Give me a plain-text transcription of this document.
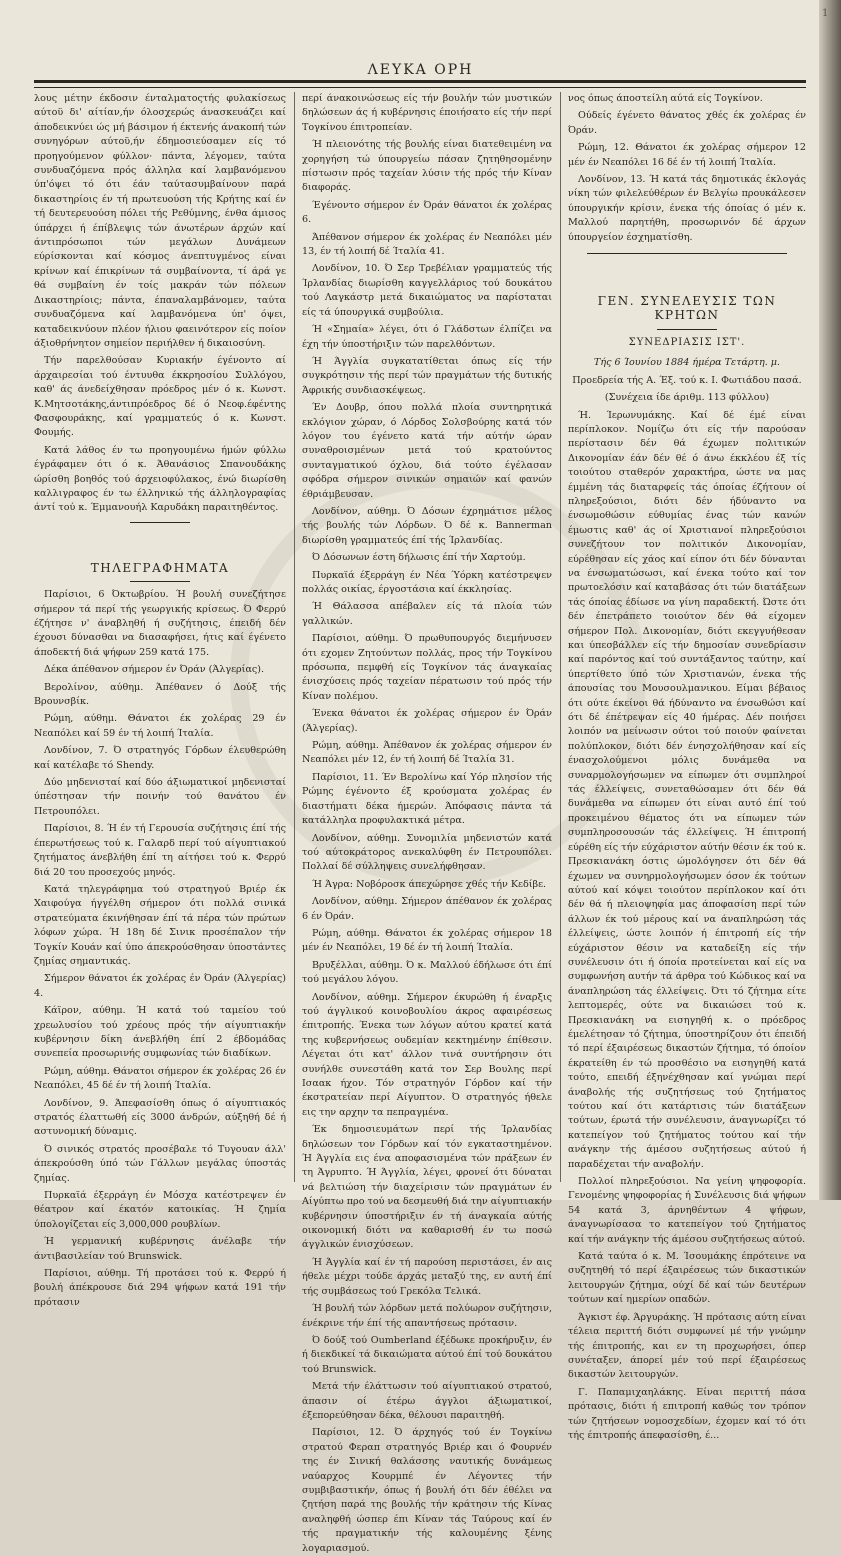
1
ΛΕΥΚΑ ΟΡΗ

λους μέτην έκδοσιν ένταλματοςτής φυλακίσεως αύτοϋ δι' αίτίαν,ήν όλοσχερώς άνασκευάζει καί άποδεικνύει ώς μή βάσιμον ή έκτενής άνακοπή τών συνηγόρων αύτοϋ,ήν έδημοσιεύσαμεν είς τό προηγούμενον φύλλον· πάντα, λέγομεν, ταύτα συνδυαζόμενα πρός άλληλα καί λαμβανόμενου ύπ'όψει τό ότι έάν ταύτασυμβαίνουν παρά δικαστηρίοις έν τή πρωτευούση τής Κρήτης καί έν τή δευτερευούση πόλει τής Ρεθύμνης, ένθα άμισος ύπάρχει ή έπίβλεψις τών άνωτέρων άρχών καί άντιπρόσωποι τών μεγάλων Δυνάμεων εύρίσκονται καί κόσμος άνεπτυγμένος είναι κρίνων καί έπικρίνων τά συμβαίνοντα, τί άρά γε θά συμβαίνη έν τοίς μακράν τών πόλεων Δικαστηρίοις; πάντα, έπαναλαμβάνομεν, ταύτα συνδυαζόμενα καί λαμβανόμενα ύπ' όψει, καταδεικνύουν πλέον ήλιου φαεινότερον είς ποίον άξιοθρήνητον σημείον περιήλθεν ή δικαιοσύνη.

Τήν παρελθούσαν Κυριακήν έγένοντο αί άρχαιρεσίαι τού έντυυθα έκκρηοσίου Συλλόγου, καθ' άς άνεδείχθησαν πρόεδρος μέν ό κ. Κωνστ. Κ.Μητσοτάκης,άντιπρόεδρος δέ ό Νεοφ.έφέντης Φασφουράκης, καί γραμματεύς ό κ. Κωνστ. Φουμής.

Κατά λάθος έν τω προηγουμένω ήμών φύλλω έγράφαμεν ότι ό κ. Άθανάσιος Σπανουδάκης ώρίσθη βοηθός τού άρχειοφύλακος, ένώ διωρίσθη καλλιγραφος έν τω έλληνικώ τής άλληλογραφίας άντί τού κ. Έμμανουήλ Καρυδάκη παραιτηθέντος.

ΤΗΛΕΓΡΑΦΗΜΑΤΑ

Παρίσιοι, 6 Όκτωβρίου. Ή βουλή συνεζήτησε σήμερον τά περί τής γεωργικής κρίσεως. Ό Φερρύ έζήτησε ν' άναβληθή ή συζήτησις, έπειδή δέν έχουσι δύνασθαι να διασαφήσει, ήτις καί έγένετο άποδεκτή διά ψήφων 259 κατά 175.

Δέκα άπέθανον σήμερον έν Όράν (Άλγερίας).

Βερολίνον, αύθημ. Άπέθανεν ό Δούξ τής Βρουνσβίκ.

Ρώμη, αύθημ. Θάνατοι έκ χολέρας 29 έν Νεαπόλει καί 59 έν τή λοιπή Ίταλία.

Λονδίνον, 7. Ό στρατηγός Γόρδων έλευθερώθη καί κατέλαβε τό Shendy.

Δύο μηδενισταί καί δύο άξιωματικοί μηδενισταί ύπέστησαν τήν ποινήν τού θανάτου έν Πετρουπόλει.

Παρίσιοι, 8. Ή έν τή Γερουσία συζήτησις έπί τής έπερωτήσεως τού κ. Γαλαρδ περί τού αίγυπτιακού ζητήματος άνεβλήθη έπί τη αίτήσει τού κ. Φερρύ διά 20 του προσεχούς μηνός.

Κατά τηλεγράφημα τού στρατηγού Βριέρ έκ Χαιφούγα ήγγέλθη σήμερον ότι πολλά σινικά στρατεύματα έκινήθησαν έπί τά πέρα τών πρώτων λόφων χώρα. Ή 18η δέ Σινικ προσέπαλον τήν Τογκίν Κουάν καί ύπο άπεκρούσθησαν ύποστάντες ζημίας σημαντικάς.

Σήμερον θάνατοι έκ χολέρας έν Όράν (Άλγερίας) 4.

Κάϊρον, αύθημ. Ή κατά τού ταμείου τού χρεωλυσίου τού χρέους πρός τήν αίγυπτιακήν κυβέρνησιν δίκη άνεβλήθη έπί 2 έβδομάδας συνεπεία προσωρινής συμφωνίας τών διαδίκων.

Ρώμη, αύθημ. Θάνατοι σήμερον έκ χολέρας 26 έν Νεαπόλει, 45 δέ έν τή λοιπή Ίταλία.

Λονδίνον, 9. Άπεφασίσθη όπως ό αίγυπτιακός στρατός έλαττωθή είς 3000 άνδρών, αύξηθή δέ ή αστυνομική δύναμις.

Ό σινικός στρατός προσέβαλε τό Τυγουαν άλλ' άπεκρούσθη ύπό τών Γάλλων μεγάλας ύποστάς ζημίας.

Πυρκαϊά έξερράγη έν Μόσχα κατέστρεψεν έν θέατρον καί έκατόν κατοικίας. Ή ζημία ύπολογίζεται είς 3,000,000 ρουβλίων.

Ή γερμανική κυβέρνησις άνέλαβε τήν άντιβασιλείαν τού Brunswick.

Παρίσιοι, αύθημ. Τή προτάσει τού κ. Φερρύ ή βουλή άπέκρουσε διά 294 ψήφων κατά 191 τήν πρότασιν

περί άνακοινώσεως είς τήν βουλήν τών μυστικών δηλώσεων άς ή κυβέρνησις έποιήσατο είς τήν περί Τογκίνου έπιτροπείαν.

Ή πλειονότης τής βουλής είναι διατεθειμένη να χορηγήση τώ ύπουργείω πάσαν ζητηθησομένην πίστωσιν πρός ταχείαν λύσιν τής πρός τήν Κίναν διαφοράς.

Έγένοντο σήμερον έν Όράν θάνατοι έκ χολέρας 6.

Άπέθανον σήμερον έκ χολέρας έν Νεαπόλει μέν 13, έν τή λοιπή δέ Ίταλία 41.

Λονδίνον, 10. Ό Σερ Τρεβέλιαν γραμματεύς τής Ίρλανδίας διωρίσθη καγγελλάριος τού δουκάτου τού Λαγκάστρ μετά δικαιώματος να παρίσταται είς τά ύπουργικά συμβούλια.

Ή «Σημαία» λέγει, ότι ό Γλάδστων έλπίζει να έχη τήν ύποστήριξιν τών παρελθόντων.

Ή Άγγλία συγκατατίθεται όπως είς τήν συγκρότησιν τής περί τών πραγμάτων τής δυτικής Άφρικής συνδιασκέψεως.

Έν Δουβρ, όπου πολλά πλοία συντηρητικά εκλόγιον χώραν, ό Λόρδος Σολσβούρης κατά τόν λόγον του έγένετο κατά τήν αύτήν ώραν συναθροισμένων μετά τού κρατούντος συνταγματικού όχλου, διά τούτο έγέλασαν σφόδρα σήμερον σινικών σημαιών καί φανών έθριάμβευσαν.

Λονδίνον, αύθημ. Ό Δόσων έχρημάτισε μέλος τής βουλής τών Λόρδων. Ό δέ κ. Bannerman διωρίσθη γραμματεύς έπί τής Ίρλανδίας.

Ό Δόσωνων έστη δήλωσις έπί τήν Χαρτούμ.

Πυρκαϊά έξερράγη έν Νέα Ύόρκη κατέστρεψεν πολλάς οικίας, έργοστάσια καί έκκλησίας.

Ή Θάλασσα απέβαλεν είς τά πλοία τών γαλλικών.

Παρίσιοι, αύθημ. Ό πρωθυπουργός διεμήνυσεν ότι εχομεν Ζητούντων πολλάς, προς τήν Τογκίνου πρόσωπα, πεμφθή είς Τογκίνον τάς άναγκαίας ένισχύσεις πρός ταχείαν πέρατωσιν τού πρός τήν Κίναν πολέμου.

Ένεκα θάνατοι έκ χολέρας σήμερον έν Όράν (Άλγερίας).

Ρώμη, αύθημ. Άπέθανον έκ χολέρας σήμερον έν Νεαπόλει μέν 12, έν τή λοιπή δέ Ίταλία 31.

Παρίσιοι, 11. Έν Βερολίνω καί Υόρ πλησίον τής Ρώμης έγένοντο έξ κρούσματα χολέρας έν διαστήματι δέκα ήμερών. Άπόφασις πάντα τά κατάλληλα προφυλακτικά μέτρα.

Λονδίνον, αύθημ. Συνομιλία μηδενιστών κατά τού αύτοκράτορος ανεκαλύφθη έν Πετρουπόλει. Πολλαί δέ σύλληψεις συνελήφθησαν.

Ή Άγρα: Νοβόροσκ άπεχώρησε χθές τήν Κεδίβε.

Λονδίνον, αύθημ. Σήμερον άπέθανον έκ χολέρας 6 έν Όράν.

Ρώμη, αύθημ. Θάνατοι έκ χολέρας σήμερον 18 μέν έν Νεαπόλει, 19 δέ έν τή λοιπή Ίταλία.

Βρυξέλλαι, αύθημ. Ό κ. Μαλλού έδήλωσε ότι έπί τού μεγάλου λόγου.

Λονδίνον, αύθημ. Σήμερον έκυρώθη ή έναρξις τού άγγλικού κοινοβουλίου άκρος αφαιρέσεως έπιτροπής. Ένεκα των λόγων αύτου κρατεί κατά της κυβερνήσεως ουδεμίαν κεκτημένην έπίθεσιν. Λέγεται ότι κατ' άλλον τινά συντήρησιν ότι συνήλθε συνεστάθη κατά τον Σερ Βουλης περί Ισαακ ήχον. Τόν στρατηγόν Γόρδον καί τήν έκστρατείαν περί Αίγυπτον. Ό στρατηγός ήθελε εις την αρχην τα πεπραγμένα.

Έκ δημοσιευμάτων περί τής Ίρλανδίας δηλώσεων τον Γόρδων καί τόν εγκαταστημένον. Ή Άγγλία εις ένα αποφασισμένα τών πράξεων έν τη Άγρυπτο. Ή Άγγλία, λέγει, φρονεί ότι δύναται νά βελτιώση τήν διαχείρισιν τών πραγμάτων έν Αίγύπτω προ τού να δεσμευθή διά την αίγυπτιακήν κυβέρνησιν ύποστήριξιν έν τή άναγκαία αύτής οικονομική διότι να καθαρισθή έν τω ποσώ άγγλικών ένισχύσεων.

Ή Άγγλία καί έν τή παρούση περιστάσει, έν αις ήθελε μέχρι τούδε άρχάς μεταξύ της, εν αυτή έπί τής συμβάσεως τού Γρεκόλα Τελικά.

Ή βουλή τών λόρδων μετά πολύωρον συζήτησιν, ένέκρινε τήν έπί τής απαντήσεως πρότασιν.

Ό δούξ τού Oumberland έξέδωκε προκήρυξιν, έν ή διεκδικεί τά δικαιώματα αύτού έπί τού δουκάτου τού Brunswick.

Μετά τήν έλάττωσιν τού αίγυπτιακού στρατού, άπασιν οί έτέρω άγγλοι άξιωματικοί, έξεπορεύθησαν δέκα, θέλουσι παραιτηθή.

Παρίσιοι, 12. Ό άρχηγός τού έν Τογκίνω στρατού Φεραπ στρατηγός Βριέρ και ό Φουρνέν της έν Σινική θαλάσσης ναυτικής δυνάμεως ναύαρχος Κουρμπέ έν Λέγοντες τήν συμβιβαστικήν, όπως ή βουλή ότι δέν έθέλει να ζητήση παρά της βουλής τήν κράτησιν τής Κίνας αναληφθή ώσπερ έπι Κίναν τάς Ταύρους καί έν τής πραγματικήν τής καλουμένης ξένης λογαριασμού.

νος όπως άποστείλη αύτά είς Τογκίνον.

Ούδείς έγένετο θάνατος χθές έκ χολέρας έν Όράν.

Ρώμη, 12. Θάνατοι έκ χολέρας σήμερον 12 μέν έν Νεαπόλει 16 δέ έν τή λοιπή Ίταλία.

Λονδίνον, 13. Ή κατά τάς δημοτικάς έκλογάς νίκη τών φιλελεύθέρων έν Βελγίω προυκάλεσεν ύπουργικήν κρίσιν, ένεκα τής όποίας ό μέν κ. Μαλλού παρητήθη, προσωρινόν δέ άρχων ύπουργείον έσχηματίσθη.

ΓΕΝ. ΣΥΝΕΛΕΥΣΙΣ ΤΩΝ ΚΡΗΤΩΝ
ΣΥΝΕΔΡΙΑΣΙΣ ΙΣΤ'.

Τής 6 Ίουνίου 1884 ήμέρα Τετάρτη. μ.

Προεδρεία τής Α. Έξ. τού κ. Ι. Φωτιάδου πασά.

(Συνέχεια ίδε άριθμ. 113 φύλλου)

Ή. Ίερωνυμάκης. Καί δέ έμέ είναι περίπλοκον. Νομίζω ότι είς τήν παρούσαν περίστασιν δέν θά έχωμεν πολιτικών Δικονομίαν έάν δέν θέ ό άνω έκκλέου έξ τίς τοιούτου σταθερόν χαρακτήρα, ώστε να μας έμμένη τάς διαταρφείς τάς όποίας έζήτουν οί πληρεξούσιοι, διότι δέν ήδύναντο να ένσωμοθώσιν εύθυμίας ένας τών κανών έμωστις καθ' άς οί Χριστιανοί πληρεξούσιοι συνεζήτουν τον πολιτικόν Δικονομίαν, εύρέθησαν είς χάος καί είπον ότι δέν δύνανται να ένσωματώσωσι, καί ένεκα τούτο καί τον πρωτοελόσιν καί καταβάσας ότι τών διατάξεων τάς όποίας έδίωσε να γίνη παραδεκτή. Ώστε ότι δέν έπετράπετο τοιούτον δέν θά είχομεν σήμερον Πολ. Δικονομίαν, διότι εκεγγυήθεσαν και ύπεσβάλλεν είς τήν δημοσίαν συνεδρίασιν καί παρόντος καί τού συντάξαντος ταύτην, καί ύπερτίθετο ύπό τών Χριστιανών, ένεκα τής άπουσίας του Μουσουλμανικου. Είμαι βέβαιος ότι ούτε έκείνοι θά ήδύναντο να ένσωθώσι καί ότι δέ έπέτρεψαν είς 40 ήμέρας. Δέν ποιήσει λοιπόν να μείνωσιν ούτοι τού ποιούν φαίνεται πολύπλοκον, διότι δέν ένησχολήθησαν καί είς ένασχολούμενοι μόλις δυνάμεθα να συναρμολογήσωμεν να είπωμεν ότι συμπληροί τάς έλλείψεις, συνεταθώσαμεν ότι δέν θά δυνάμεθα να είπωμεν ότι είναι αυτό έπί τού προκειμένου θέματος ότι να είπωμεν τών συμπληροσουσών τάς έλλείψεις. Ή έπιτροπή εύρέθη είς τήν εύχάριστον αύτήν θέσιν έκ τού κ. Πρεσκιανάκη όστις ώμολόγησεν ότι δέν θά έχωμεν να συνηρμολογήσωμεν όσον έκ τούτων αύτού καί κόψει τοιούτον περίπλοκον καί ότι δέν θά ή πλειοψηφία μας άποφασίση περί τών άλλων έκ τού μέρους καί να άναπληρώση τάς έλλείψεις, ώστε λοιπόν ή έπιτροπή είς τήν εύχάριστον θέσιν να καταδείξη είς τήν συνέλευσιν ότι ή όποία προτείνεται καί είς να συμφωνήση αυτήν τά άρθρα τού Κώδικος καί να άναπληρώση τάς έλλείψεις. Ότι τό ζήτημα είτε λεπτομερές, ούτε να δικαιώσει τού κ. Πρεσκιανάκη να εισηγηθή κ. ο πρόεδρος έμελέτησαν τό ζήτημα, ύποστηρίζουν ότι έπειδή τό περί έξαιρέσεως δικαστών ζήτημα, τό όποίον έκρατείθη έν τώ προσθέσιο να εισηγηθή κατά τούτο, επειδή έξηνέχθησαν καί γνώμαι περί άναβολής τής συζητήσεως τού ζητήματος τούτου καί ότι κατάρτισις τών διατάξεων τούτων, έρωτά τήν συνέλευσιν, άναγνωρίζει τό κατεπείγον τού ζητήματος τούτου καί τήν ανάγκην τής άμέσου συζητήσεως αύτού ή παραδέχεται τήν αναβολήν.

Πολλοί πληρεξούσιοι. Να γείνη ψηφοφορία. Γενομένης ψηφοφορίας ή Συνέλευσις διά ψήφων 54 κατά 3, άρνηθέντων 4 ψήφων, άναγνωρίσασα το κατεπείγον τού ζητήματος καί τήν ανάγκην τής άμέσου συζητήσεως αύτού.

Κατά ταύτα ό κ. Μ. Ίσουμάκης έπρότεινε να συζητηθή τό περί έξαιρέσεως τών δικαστικών λειτουργών ζήτημα, ούχί δέ καί τών δευτέρων τούτων καί ημερίων οπαδών.

Άγκιστ έφ. Άργυράκης. Ή πρότασις αύτη είναι τέλεια περιττή διότι συμφωνεί μέ τήν γνώμην τής έπιτροπής, και εν τη προχωρήσει, όπερ συνέταξεν, άπορεί μέν τού περί έξαιρέσεως δικαστών λειτουργών.

Γ. Παπαμιχαηλάκης. Είναι περιττή πάσα πρότασις, διότι ή επιτροπή καθώς τον τρόπον τών ζητήσεων νομοσχεδίων, έχομεν καί τό ότι τής έπιτροπής άπεφασίσθη, έ...
